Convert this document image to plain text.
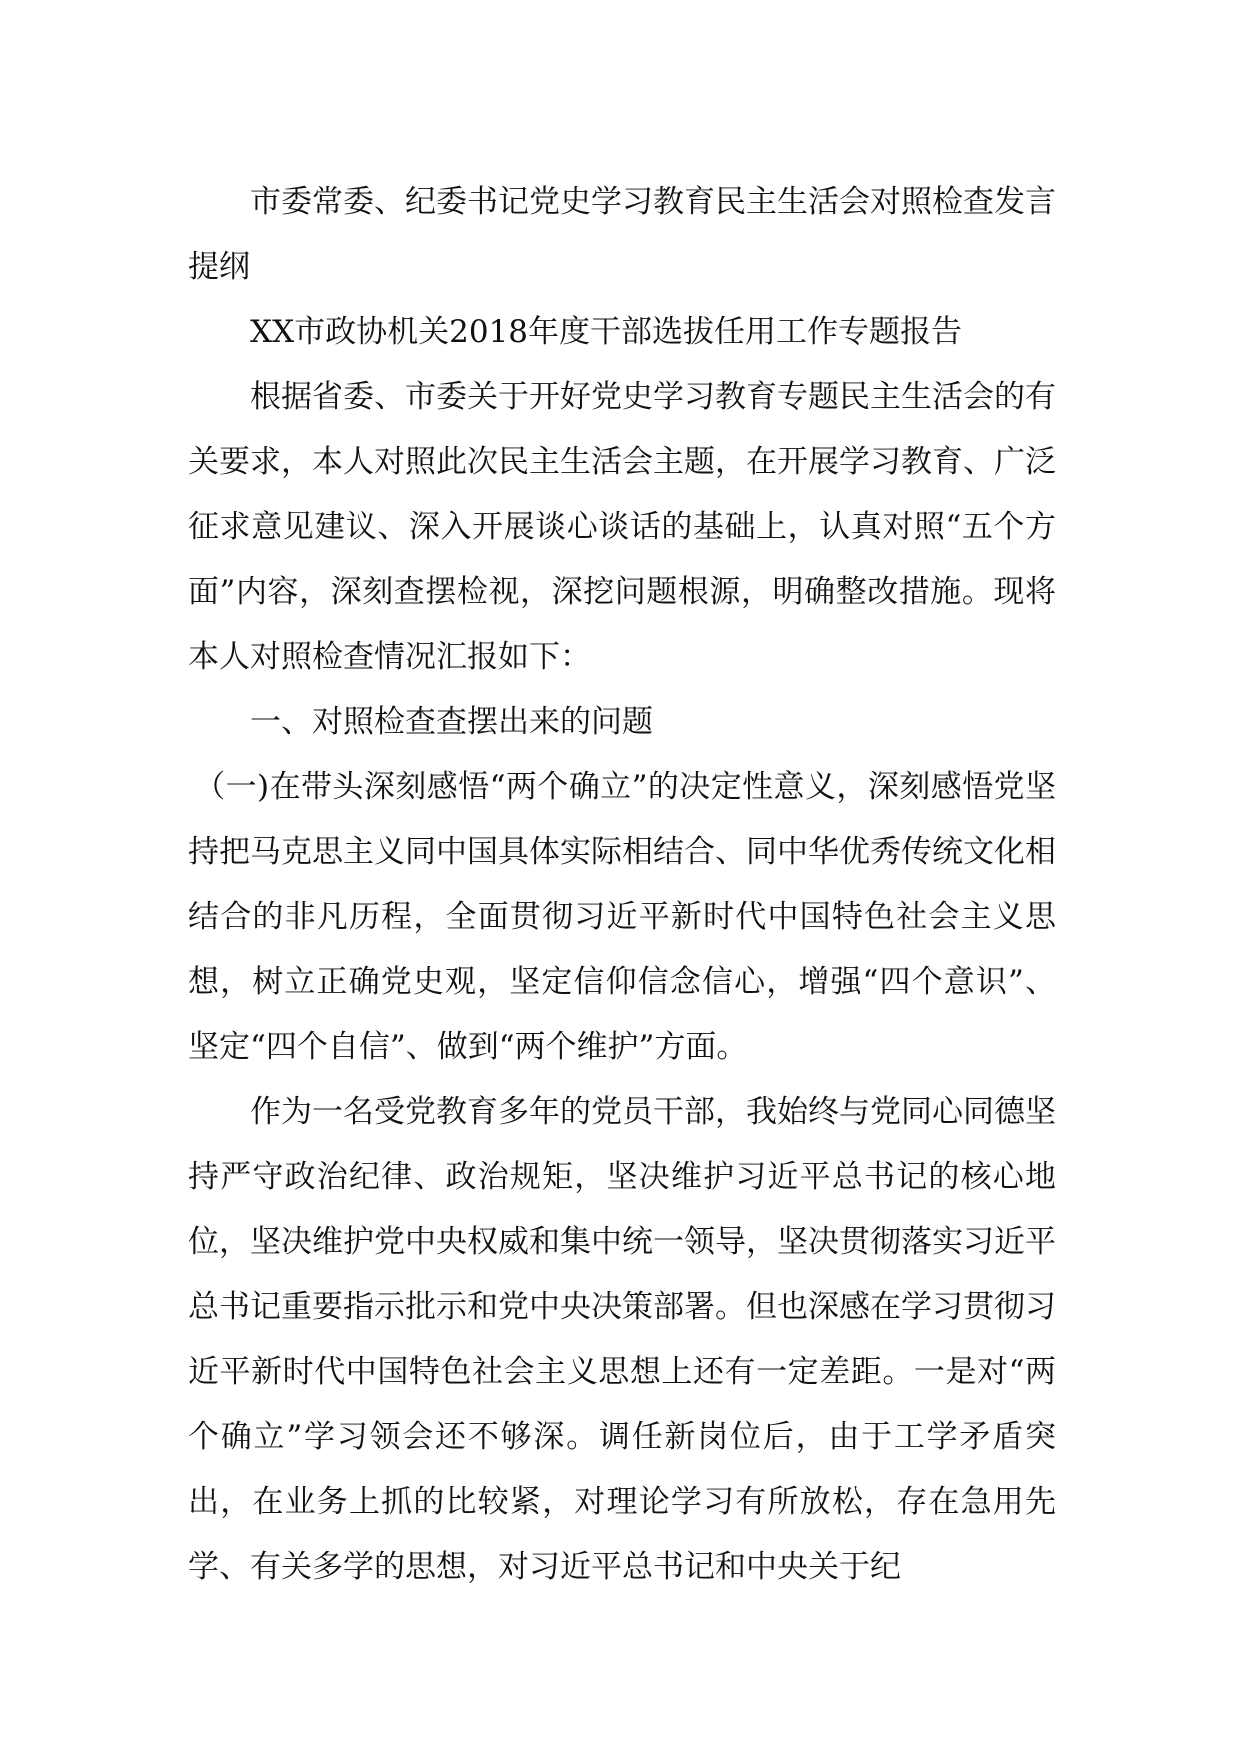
市委常委、纪委书记党史学习教育民主生活会对照检查发言提纲

XX市政协机关2018年度干部选拔任用工作专题报告

根据省委、市委关于开好党史学习教育专题民主生活会的有关要求，本人对照此次民主生活会主题，在开展学习教育、广泛征求意见建议、深入开展谈心谈话的基础上，认真对照“五个方面”内容，深刻查摆检视，深挖问题根源，明确整改措施。现将本人对照检查情况汇报如下：

一、对照检查查摆出来的问题

（一)在带头深刻感悟“两个确立”的决定性意义，深刻感悟党坚持把马克思主义同中国具体实际相结合、同中华优秀传统文化相结合的非凡历程，全面贯彻习近平新时代中国特色社会主义思想，树立正确党史观，坚定信仰信念信心，增强“四个意识”、坚定“四个自信”、做到“两个维护”方面。

作为一名受党教育多年的党员干部，我始终与党同心同德坚持严守政治纪律、政治规矩，坚决维护习近平总书记的核心地位，坚决维护党中央权威和集中统一领导，坚决贯彻落实习近平总书记重要指示批示和党中央决策部署。但也深感在学习贯彻习近平新时代中国特色社会主义思想上还有一定差距。一是对“两个确立”学习领会还不够深。调任新岗位后，由于工学矛盾突出，在业务上抓的比较紧，对理论学习有所放松，存在急用先学、有关多学的思想，对习近平总书记和中央关于纪
